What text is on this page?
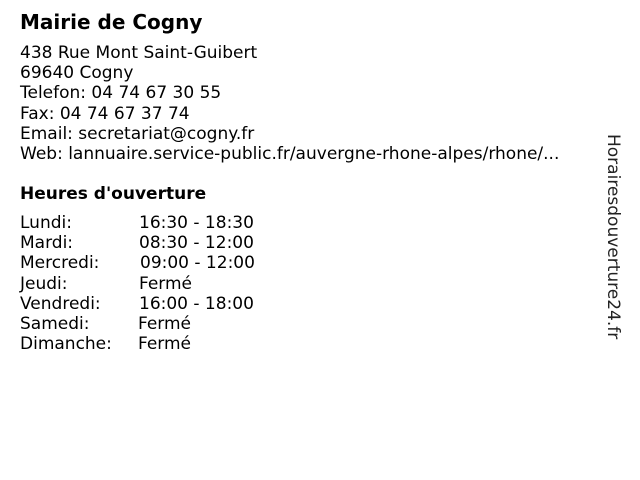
Mairie de Cogny
438 Rue Mont Saint-Guibert
69640 Cogny
Telefon: 04 74 67 30 55
Fax: 04 74 67 37 74
Email: secretariat@cogny.fr
Web: lannuaire.service-public.fr/auvergne-rhone-alpes/rhone/...
Heures d'ouverture
Lundi:	16:30 - 18:30
Mardi:	08:30 - 12:00
Mercredi: 09:00 - 12:00
Jeudi:	Fermé
Vendredi: 16:00 - 18:00
Samedi:	Fermé
Dimanche: Fermé
Horairesdouverture24.fr
